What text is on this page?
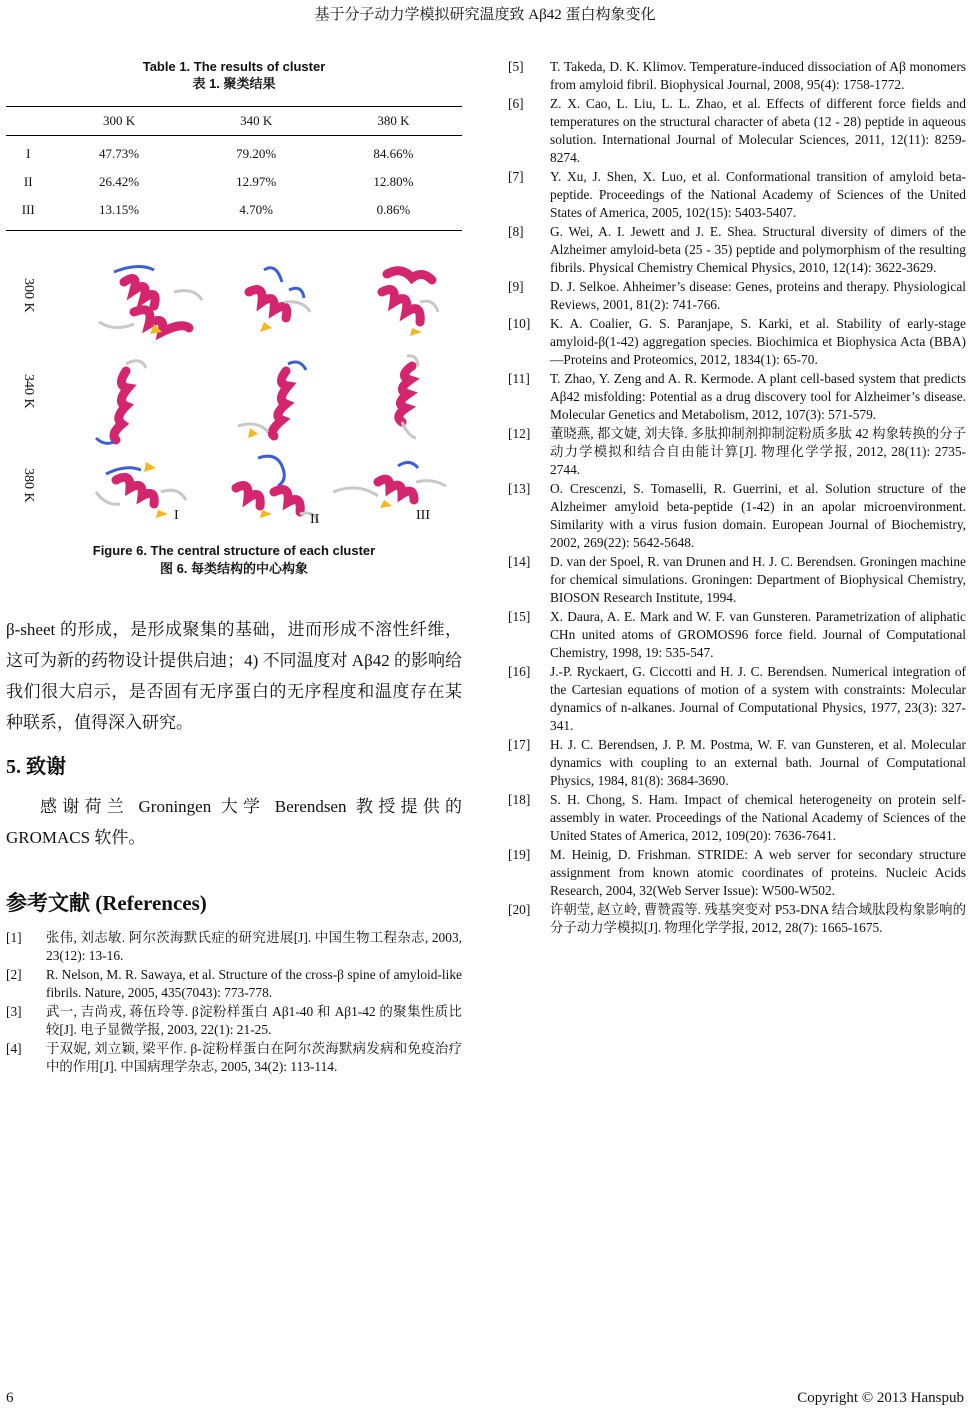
基于分子动力学模拟研究温度致 Aβ42 蛋白构象变化
Table 1. The results of cluster
表 1. 聚类结果
	300 K	340 K	380 K
I	47.73%	79.20%	84.66%
II	26.42%	12.97%	12.80%
III	13.15%	4.70%	0.86%
300 K
340 K
380 K
I	II	III
Figure 6. The central structure of each cluster
图 6. 每类结构的中心构象

β-sheet 的形成，是形成聚集的基础，进而形成不溶性纤维，这可为新的药物设计提供启迪；4) 不同温度对 Aβ42 的影响给我们很大启示，是否固有无序蛋白的无序程度和温度存在某种联系，值得深入研究。

5. 致谢

感谢荷兰 Groningen 大学 Berendsen 教授提供的 GROMACS 软件。

参考文献 (References)
[1]	张伟, 刘志敏. 阿尔茨海默氏症的研究进展[J]. 中国生物工程杂志, 2003, 23(12): 13-16.
[2]	R. Nelson, M. R. Sawaya, et al. Structure of the cross-β spine of amyloid-like fibrils. Nature, 2005, 435(7043): 773-778.
[3]	武一, 吉尚戎, 蒋伍玲等. β淀粉样蛋白 Aβ1-40 和 Aβ1-42 的聚集性质比较[J]. 电子显微学报, 2003, 22(1): 21-25.
[4]	于双妮, 刘立颖, 梁平作. β-淀粉样蛋白在阿尔茨海默病发病和免疫治疗中的作用[J]. 中国病理学杂志, 2005, 34(2): 113-114.
[5]	T. Takeda, D. K. Klimov. Temperature-induced dissociation of Aβ monomers from amyloid fibril. Biophysical Journal, 2008, 95(4): 1758-1772.
[6]	Z. X. Cao, L. Liu, L. L. Zhao, et al. Effects of different force fields and temperatures on the structural character of abeta (12 - 28) peptide in aqueous solution. International Journal of Molecular Sciences, 2011, 12(11): 8259-8274.
[7]	Y. Xu, J. Shen, X. Luo, et al. Conformational transition of amyloid beta-peptide. Proceedings of the National Academy of Sciences of the United States of America, 2005, 102(15): 5403-5407.
[8]	G. Wei, A. I. Jewett and J. E. Shea. Structural diversity of dimers of the Alzheimer amyloid-beta (25 - 35) peptide and polymorphism of the resulting fibrils. Physical Chemistry Chemical Physics, 2010, 12(14): 3622-3629.
[9]	D. J. Selkoe. Ahheimer’s disease: Genes, proteins and therapy. Physiological Reviews, 2001, 81(2): 741-766.
[10]	K. A. Coalier, G. S. Paranjape, S. Karki, et al. Stability of early-stage amyloid-β(1-42) aggregation species. Biochimica et Biophysica Acta (BBA)—Proteins and Proteomics, 2012, 1834(1): 65-70.
[11]	T. Zhao, Y. Zeng and A. R. Kermode. A plant cell-based system that predicts Aβ42 misfolding: Potential as a drug discovery tool for Alzheimer’s disease. Molecular Genetics and Metabolism, 2012, 107(3): 571-579.
[12]	董晓燕, 都文婕, 刘夫锋. 多肽抑制剂抑制淀粉质多肽 42 构象转换的分子动力学模拟和结合自由能计算[J]. 物理化学学报, 2012, 28(11): 2735-2744.
[13]	O. Crescenzi, S. Tomaselli, R. Guerrini, et al. Solution structure of the Alzheimer amyloid beta-peptide (1-42) in an apolar microenvironment. Similarity with a virus fusion domain. European Journal of Biochemistry, 2002, 269(22): 5642-5648.
[14]	D. van der Spoel, R. van Drunen and H. J. C. Berendsen. Groningen machine for chemical simulations. Groningen: Department of Biophysical Chemistry, BIOSON Research Institute, 1994.
[15]	X. Daura, A. E. Mark and W. F. van Gunsteren. Parametrization of aliphatic CHn united atoms of GROMOS96 force field. Journal of Computational Chemistry, 1998, 19: 535-547.
[16]	J.-P. Ryckaert, G. Ciccotti and H. J. C. Berendsen. Numerical integration of the Cartesian equations of motion of a system with constraints: Molecular dynamics of n-alkanes. Journal of Computational Physics, 1977, 23(3): 327-341.
[17]	H. J. C. Berendsen, J. P. M. Postma, W. F. van Gunsteren, et al. Molecular dynamics with coupling to an external bath. Journal of Computational Physics, 1984, 81(8): 3684-3690.
[18]	S. H. Chong, S. Ham. Impact of chemical heterogeneity on protein self-assembly in water. Proceedings of the National Academy of Sciences of the United States of America, 2012, 109(20): 7636-7641.
[19]	M. Heinig, D. Frishman. STRIDE: A web server for secondary structure assignment from known atomic coordinates of proteins. Nucleic Acids Research, 2004, 32(Web Server Issue): W500-W502.
[20]	许朝莹, 赵立岭, 曹赞霞等. 残基突变对 P53-DNA 结合域肽段构象影响的分子动力学模拟[J]. 物理化学学报, 2012, 28(7): 1665-1675.
6	Copyright © 2013 Hanspub
